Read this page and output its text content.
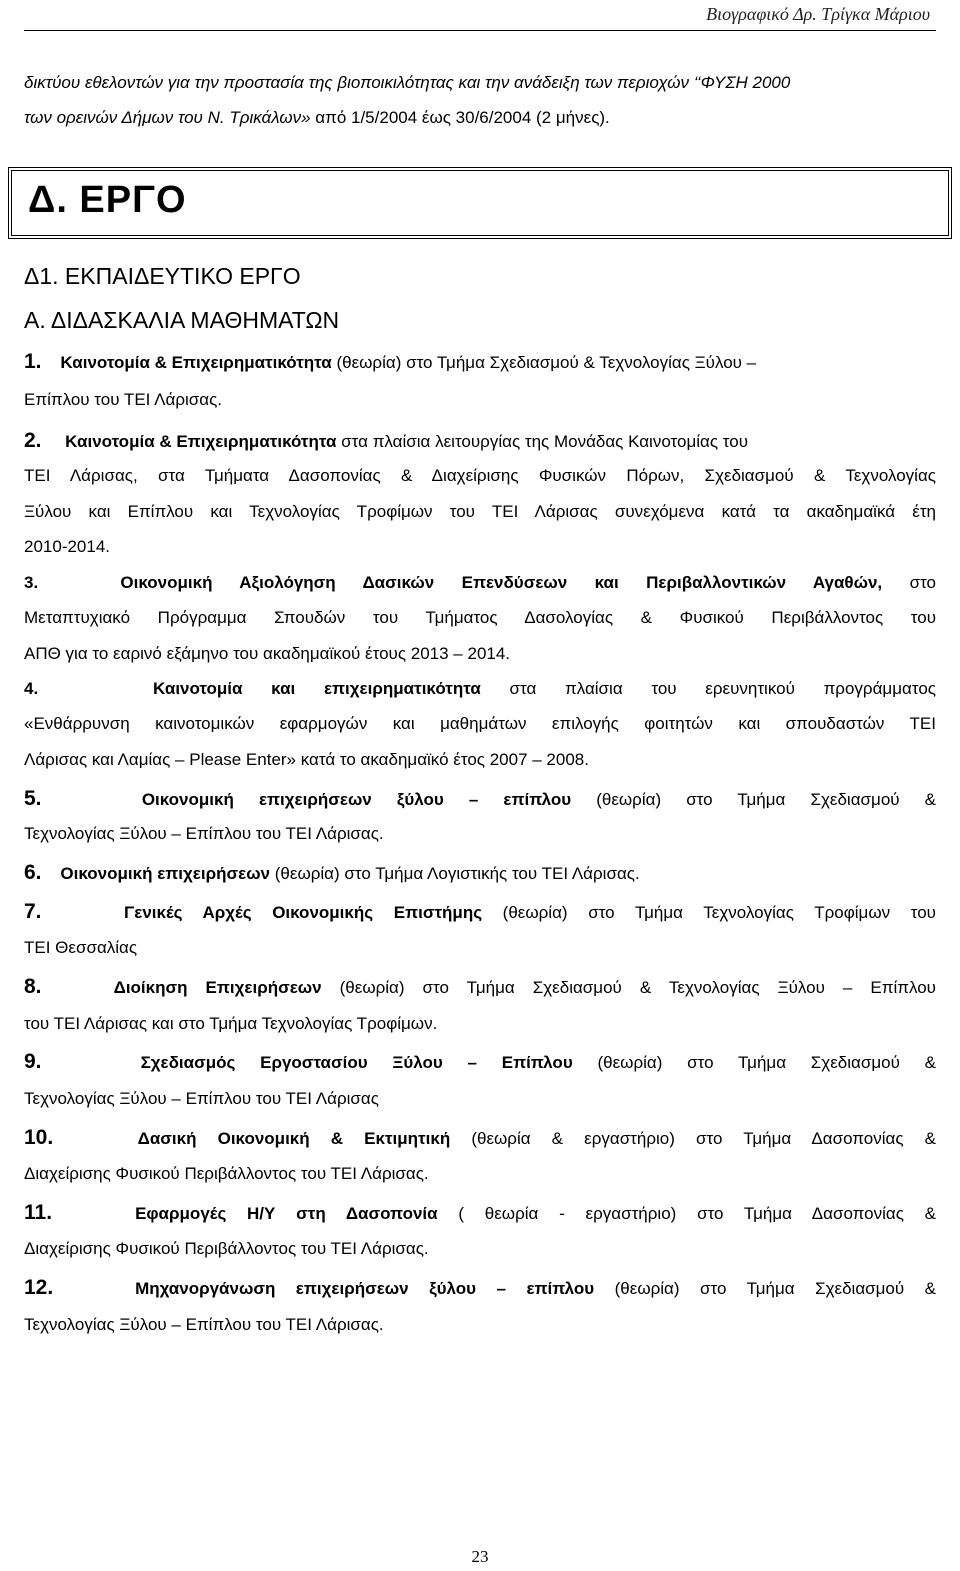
Βιογραφικό Δρ. Τρίγκα Μάριου
δικτύου εθελοντών για την προστασία της βιοποικιλότητας και την ανάδειξη των περιοχών ‘‘ΦΥΣΗ 2000
των ορεινών Δήμων του Ν. Τρικάλων» από 1/5/2004 έως 30/6/2004 (2 μήνες).
Δ. ΕΡΓΟ
Δ1. ΕΚΠΑΙΔΕΥΤΙΚΟ ΕΡΓΟ
Α. ΔΙΔΑΣΚΑΛΙΑ ΜΑΘΗΜΑΤΩΝ
1. Καινοτομία & Επιχειρηματικότητα (θεωρία) στο Τμήμα Σχεδιασμού & Τεχνολογίας Ξύλου –
Επίπλου του ΤΕΙ Λάρισας.
2. Καινοτομία & Επιχειρηματικότητα στα πλαίσια λειτουργίας της Μονάδας Καινοτομίας του
ΤΕΙ Λάρισας, στα Τμήματα Δασοπονίας & Διαχείρισης Φυσικών Πόρων, Σχεδιασμού & Τεχνολογίας
Ξύλου και Επίπλου και Τεχνολογίας Τροφίμων του ΤΕΙ Λάρισας συνεχόμενα κατά τα ακαδημαϊκά έτη
2010-2014.
3.	Οικονομική Αξιολόγηση Δασικών Επενδύσεων και Περιβαλλοντικών Αγαθών, στο
Μεταπτυχιακό Πρόγραμμα Σπουδών του Τμήματος Δασολογίας & Φυσικού Περιβάλλοντος του
ΑΠΘ για το εαρινό εξάμηνο του ακαδημαϊκού έτους 2013 – 2014.
4.	Καινοτομία και επιχειρηματικότητα στα πλαίσια του ερευνητικού προγράμματος
«Ενθάρρυνση καινοτομικών εφαρμογών και μαθημάτων επιλογής φοιτητών και σπουδαστών ΤΕΙ
Λάρισας και Λαμίας – Please Enter» κατά το ακαδημαϊκό έτος 2007 – 2008.
5.	Οικονομική επιχειρήσεων ξύλου – επίπλου (θεωρία) στο Τμήμα Σχεδιασμού &
Τεχνολογίας Ξύλου – Επίπλου του ΤΕΙ Λάρισας.
6. Οικονομική επιχειρήσεων (θεωρία) στο Τμήμα Λογιστικής του ΤΕΙ Λάρισας.
7.	Γενικές Αρχές Οικονομικής Επιστήμης (θεωρία) στο Τμήμα Τεχνολογίας Τροφίμων του
ΤΕΙ Θεσσαλίας
8.	Διοίκηση Επιχειρήσεων (θεωρία) στο Τμήμα Σχεδιασμού & Τεχνολογίας Ξύλου – Επίπλου
του ΤΕΙ Λάρισας και στο Τμήμα Τεχνολογίας Τροφίμων.
9.	Σχεδιασμός Εργοστασίου Ξύλου – Επίπλου (θεωρία) στο Τμήμα Σχεδιασμού &
Τεχνολογίας Ξύλου – Επίπλου του ΤΕΙ Λάρισας
10.	Δασική Οικονομική & Εκτιμητική (θεωρία & εργαστήριο) στο Τμήμα Δασοπονίας &
Διαχείρισης Φυσικού Περιβάλλοντος του ΤΕΙ Λάρισας.
11.	Εφαρμογές Η/Υ στη Δασοπονία ( θεωρία - εργαστήριο) στο Τμήμα Δασοπονίας &
Διαχείρισης Φυσικού Περιβάλλοντος του ΤΕΙ Λάρισας.
12.	Μηχανοργάνωση επιχειρήσεων ξύλου – επίπλου (θεωρία) στο Τμήμα Σχεδιασμού &
Τεχνολογίας Ξύλου – Επίπλου του ΤΕΙ Λάρισας.
23
